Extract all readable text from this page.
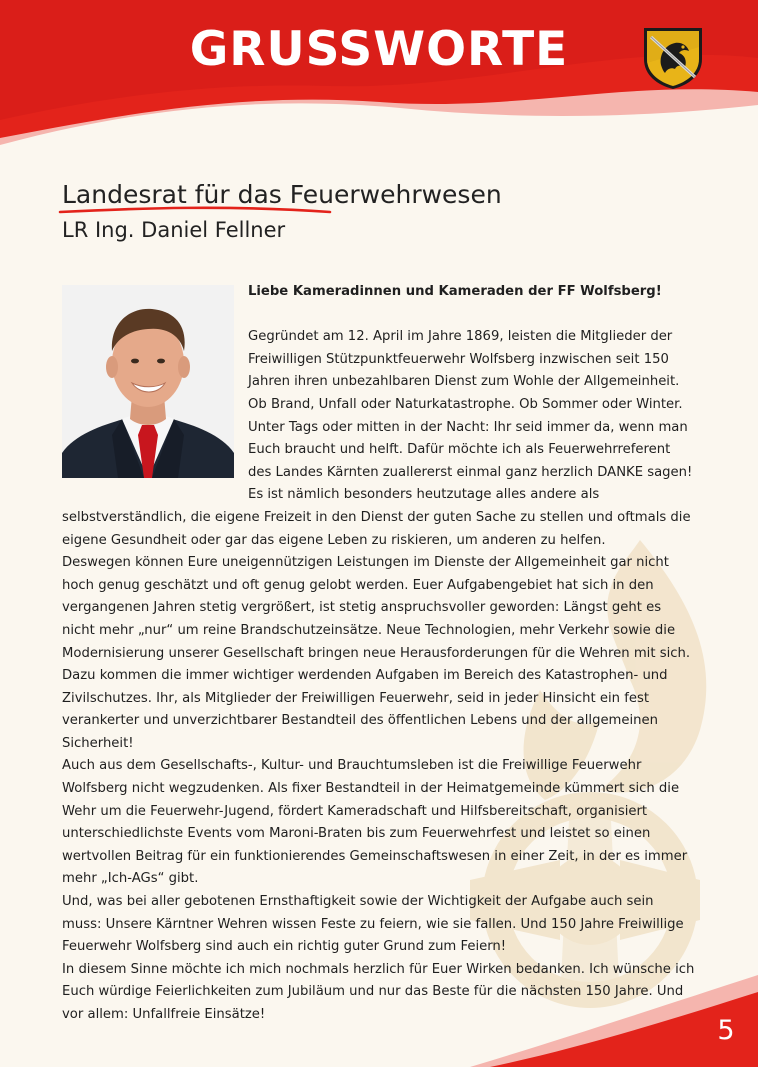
GRUSSWORTE
Landesrat für das Feuerwehrwesen
LR Ing. Daniel Fellner

Liebe Kameradinnen und Kameraden der FF Wolfsberg!

Gegründet am 12. April im Jahre 1869, leisten die Mitglieder der Freiwilligen Stützpunktfeuerwehr Wolfsberg inzwischen seit 150 Jahren ihren unbezahlbaren Dienst zum Wohle der Allgemeinheit. Ob Brand, Unfall oder Naturkatastrophe. Ob Sommer oder Winter. Unter Tags oder mitten in der Nacht: Ihr seid immer da, wenn man Euch braucht und helft. Dafür möchte ich als Feuerwehrreferent des Landes Kärnten zuallererst einmal ganz herzlich DANKE sagen! Es ist nämlich besonders heutzutage alles andere als selbstverständlich, die eigene Freizeit in den Dienst der guten Sache zu stellen und oftmals die eigene Gesundheit oder gar das eigene Leben zu riskieren, um anderen zu helfen.

Deswegen können Eure uneigennützigen Leistungen im Dienste der Allgemeinheit gar nicht hoch genug geschätzt und oft genug gelobt werden. Euer Aufgabengebiet hat sich in den vergangenen Jahren stetig vergrößert, ist stetig anspruchsvoller geworden: Längst geht es nicht mehr „nur“ um reine Brandschutzeinsätze. Neue Technologien, mehr Verkehr sowie die Modernisierung unserer Gesellschaft bringen neue Herausforderungen für die Wehren mit sich. Dazu kommen die immer wichtiger werdenden Aufgaben im Bereich des Katastrophen- und Zivilschutzes. Ihr, als Mitglieder der Freiwilligen Feuerwehr, seid in jeder Hinsicht ein fest verankerter und unverzichtbarer Bestandteil des öffentlichen Lebens und der allgemeinen Sicherheit!

Auch aus dem Gesellschafts-, Kultur- und Brauchtumsleben ist die Freiwillige Feuerwehr Wolfsberg nicht wegzudenken. Als fixer Bestandteil in der Heimatgemeinde kümmert sich die Wehr um die Feuerwehr-Jugend, fördert Kameradschaft und Hilfsbereitschaft, organisiert unterschiedlichste Events vom Maroni-Braten bis zum Feuerwehrfest und leistet so einen wertvollen Beitrag für ein funktionierendes Gemeinschaftswesen in einer Zeit, in der es immer mehr „Ich-AGs“ gibt.

Und, was bei aller gebotenen Ernsthaftigkeit sowie der Wichtigkeit der Aufgabe auch sein muss: Unsere Kärntner Wehren wissen Feste zu feiern, wie sie fallen. Und 150 Jahre Freiwillige Feuerwehr Wolfsberg sind auch ein richtig guter Grund zum Feiern!

In diesem Sinne möchte ich mich nochmals herzlich für Euer Wirken bedanken. Ich wünsche ich Euch würdige Feierlichkeiten zum Jubiläum und nur das Beste für die nächsten 150 Jahre. Und vor allem: Unfallfreie Einsätze!

5
